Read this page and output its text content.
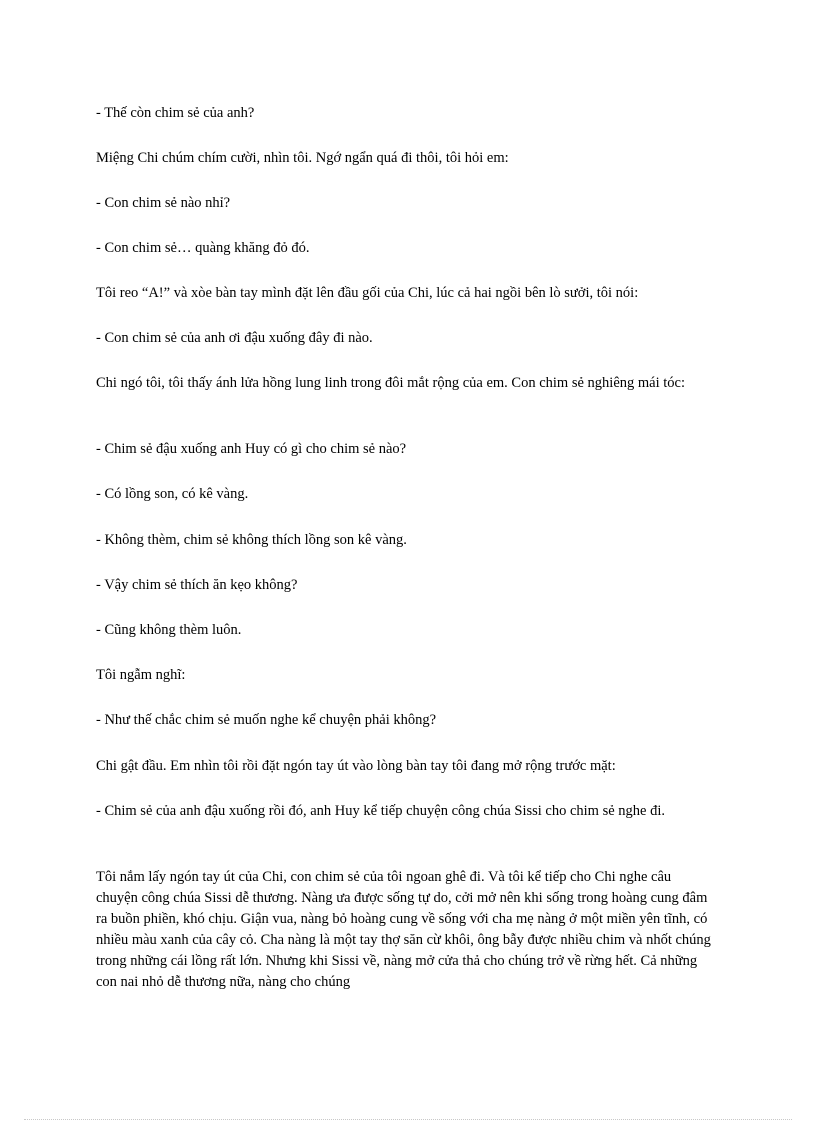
- Thế còn chim sẻ của anh?

Miệng Chi chúm chím cười, nhìn tôi. Ngớ ngẩn quá đi thôi, tôi hỏi em:

- Con chim sẻ nào nhỉ?

- Con chim sẻ… quàng khăng đỏ đó.

Tôi reo “A!” và xòe bàn tay mình đặt lên đầu gối của Chi, lúc cả hai ngồi bên lò sưởi, tôi nói:

- Con chim sẻ của anh ơi đậu xuống đây đi nào.

Chi ngó tôi, tôi thấy ánh lửa hồng lung linh trong đôi mắt rộng của em. Con chim sẻ nghiêng mái tóc:

- Chim sẻ đậu xuống anh Huy có gì cho chim sẻ nào?

- Có lồng son, có kê vàng.

- Không thèm, chim sẻ không thích lồng son kê vàng.

- Vậy chim sẻ thích ăn kẹo không?

- Cũng không thèm luôn.

Tôi ngẫm nghĩ:

- Như thế chắc chim sẻ muốn nghe kể chuyện phải không?

Chi gật đầu. Em nhìn tôi rồi đặt ngón tay út vào lòng bàn tay tôi đang mở rộng trước mặt:

- Chim sẻ của anh đậu xuống rồi đó, anh Huy kể tiếp chuyện công chúa Sissi cho chim sẻ nghe đi.

Tôi nắm lấy ngón tay út của Chi, con chim sẻ của tôi ngoan ghê đi. Và tôi kể tiếp cho Chi nghe câu chuyện công chúa Sissi dễ thương. Nàng ưa được sống tự do, cởi mở nên khi sống trong hoàng cung đâm ra buồn phiền, khó chịu. Giận vua, nàng bỏ hoàng cung về sống với cha mẹ nàng ở một miền yên tĩnh, có nhiều màu xanh của cây cỏ. Cha nàng là một tay thợ săn cừ khôi, ông bẫy được nhiều chim và nhốt chúng trong những cái lồng rất lớn. Nhưng khi Sissi về, nàng mở cửa thả cho chúng trở về rừng hết. Cả những con nai nhỏ dễ thương nữa, nàng cho chúng
